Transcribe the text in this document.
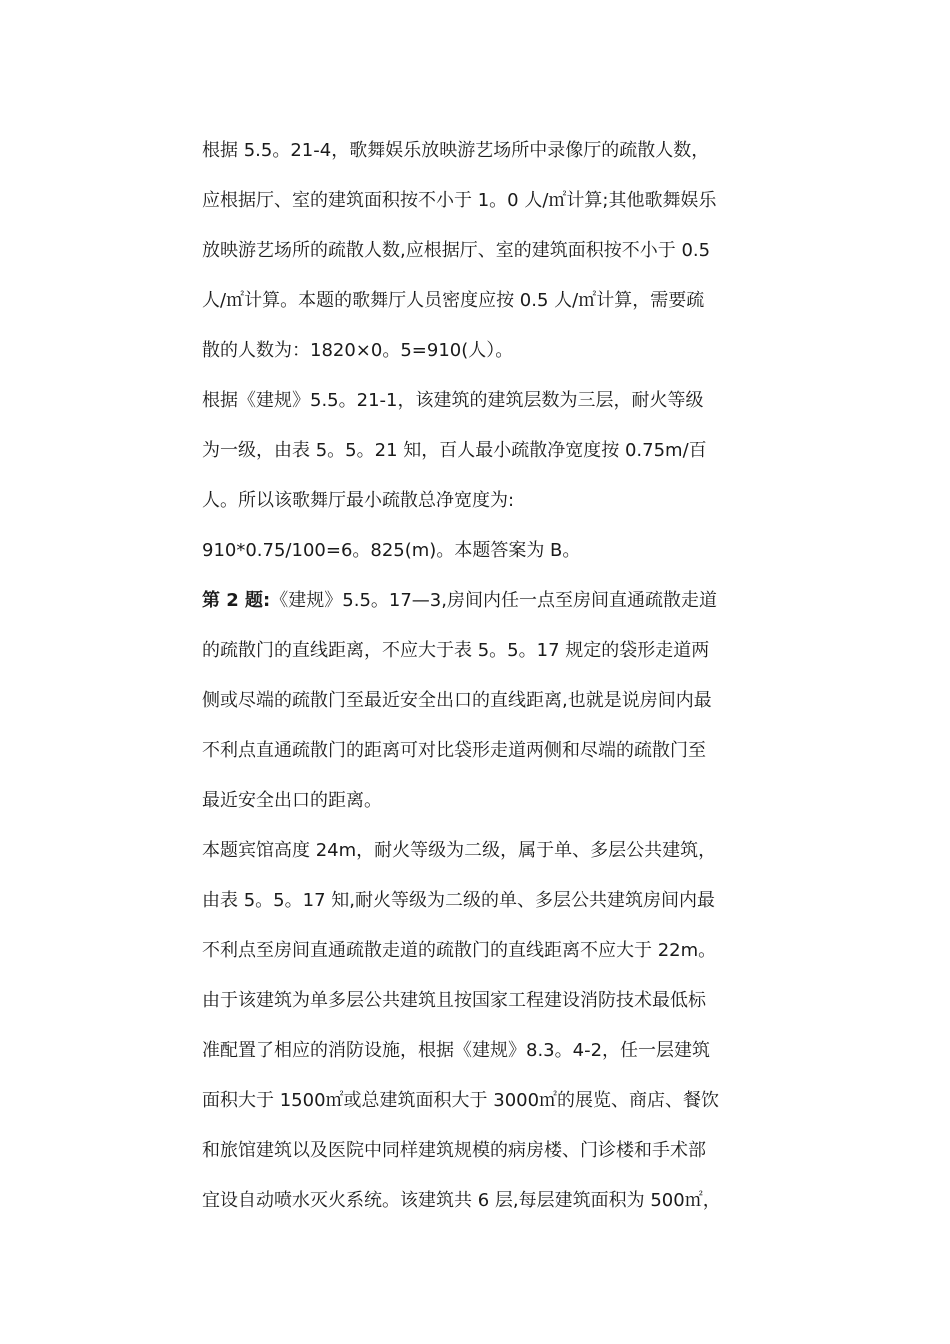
根据 5.5。21-4，歌舞娱乐放映游艺场所中录像厅的疏散人数，
应根据厅、室的建筑面积按不小于 1。0 人/㎡计算;其他歌舞娱乐
放映游艺场所的疏散人数,应根据厅、室的建筑面积按不小于 0.5
人/㎡计算。本题的歌舞厅人员密度应按 0.5 人/㎡计算，需要疏
散的人数为：1820×0。5=910(人）。
根据《建规》5.5。21-1，该建筑的建筑层数为三层，耐火等级
为一级，由表 5。5。21 知，百人最小疏散净宽度按 0.75m/百
人。所以该歌舞厅最小疏散总净宽度为:
910*0.75/100=6。825(m)。本题答案为 B。
第 2 题:《建规》5.5。17—3,房间内任一点至房间直通疏散走道
的疏散门的直线距离，不应大于表 5。5。17 规定的袋形走道两
侧或尽端的疏散门至最近安全出口的直线距离,也就是说房间内最
不利点直通疏散门的距离可对比袋形走道两侧和尽端的疏散门至
最近安全出口的距离。
本题宾馆高度 24m，耐火等级为二级，属于单、多层公共建筑，
由表 5。5。17 知,耐火等级为二级的单、多层公共建筑房间内最
不利点至房间直通疏散走道的疏散门的直线距离不应大于 22m。
由于该建筑为单多层公共建筑且按国家工程建设消防技术最低标
准配置了相应的消防设施，根据《建规》8.3。4-2，任一层建筑
面积大于 1500㎡或总建筑面积大于 3000㎡的展览、商店、餐饮
和旅馆建筑以及医院中同样建筑规模的病房楼、门诊楼和手术部
宜设自动喷水灭火系统。该建筑共 6 层,每层建筑面积为 500㎡，
